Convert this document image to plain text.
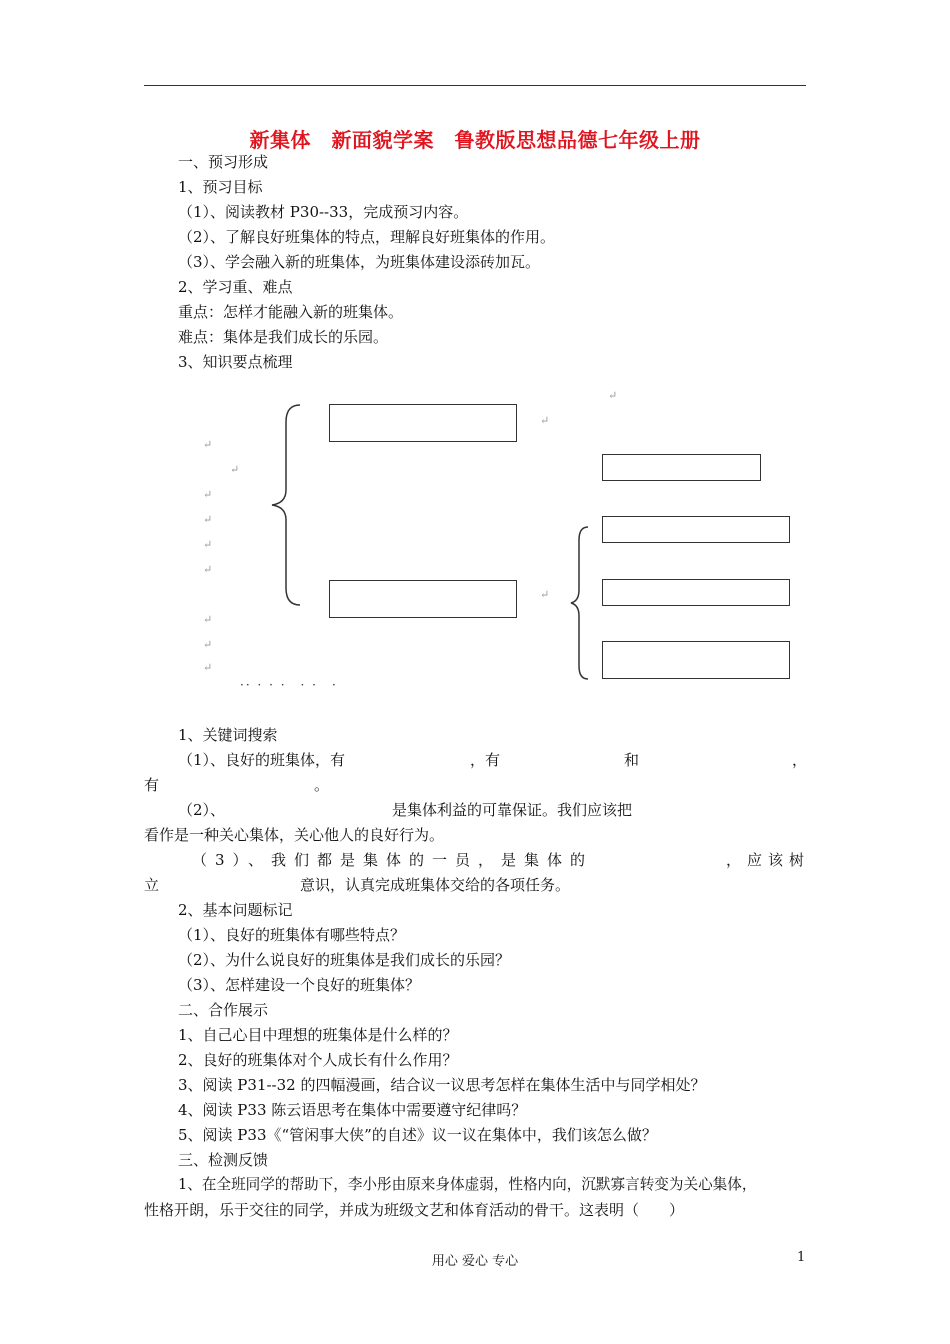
新集体　新面貌学案　鲁教版思想品德七年级上册
一、预习形成
1、预习目标
（1）、阅读教材 P30--33，完成预习内容。
（2）、了解良好班集体的特点，理解良好班集体的作用。
（3）、学会融入新的班集体，为班集体建设添砖加瓦。
2、学习重、难点
重点：怎样才能融入新的班集体。
难点：集体是我们成长的乐园。
3、知识要点梳理
↵
↵
↵
↵
↵
↵
↵
↵
↵
↵
↵
↵
·· · · ·　· ·　·
1、关键词搜索
（1）、良好的班集体，有	，有	和	，
有	。
（2）、	是集体利益的可靠保证。我们应该把
看作是一种关心集体，关心他人的良好行为。
（3）、我们都是集体的一员，是集体的	，应该树
立	意识，认真完成班集体交给的各项任务。
2、基本问题标记
（1）、良好的班集体有哪些特点？
（2）、为什么说良好的班集体是我们成长的乐园？
（3）、怎样建设一个良好的班集体？
二、合作展示
1、自己心目中理想的班集体是什么样的？
2、良好的班集体对个人成长有什么作用？
3、阅读 P31--32 的四幅漫画，结合议一议思考怎样在集体生活中与同学相处？
4、阅读 P33 陈云语思考在集体中需要遵守纪律吗？
5、阅读 P33《“管闲事大侠”的自述》议一议在集体中，我们该怎么做？
三、检测反馈
1、在全班同学的帮助下，李小彤由原来身体虚弱，性格内向，沉默寡言转变为关心集体，
性格开朗，乐于交往的同学，并成为班级文艺和体育活动的骨干。这表明（　　）
用心 爱心 专心	1
